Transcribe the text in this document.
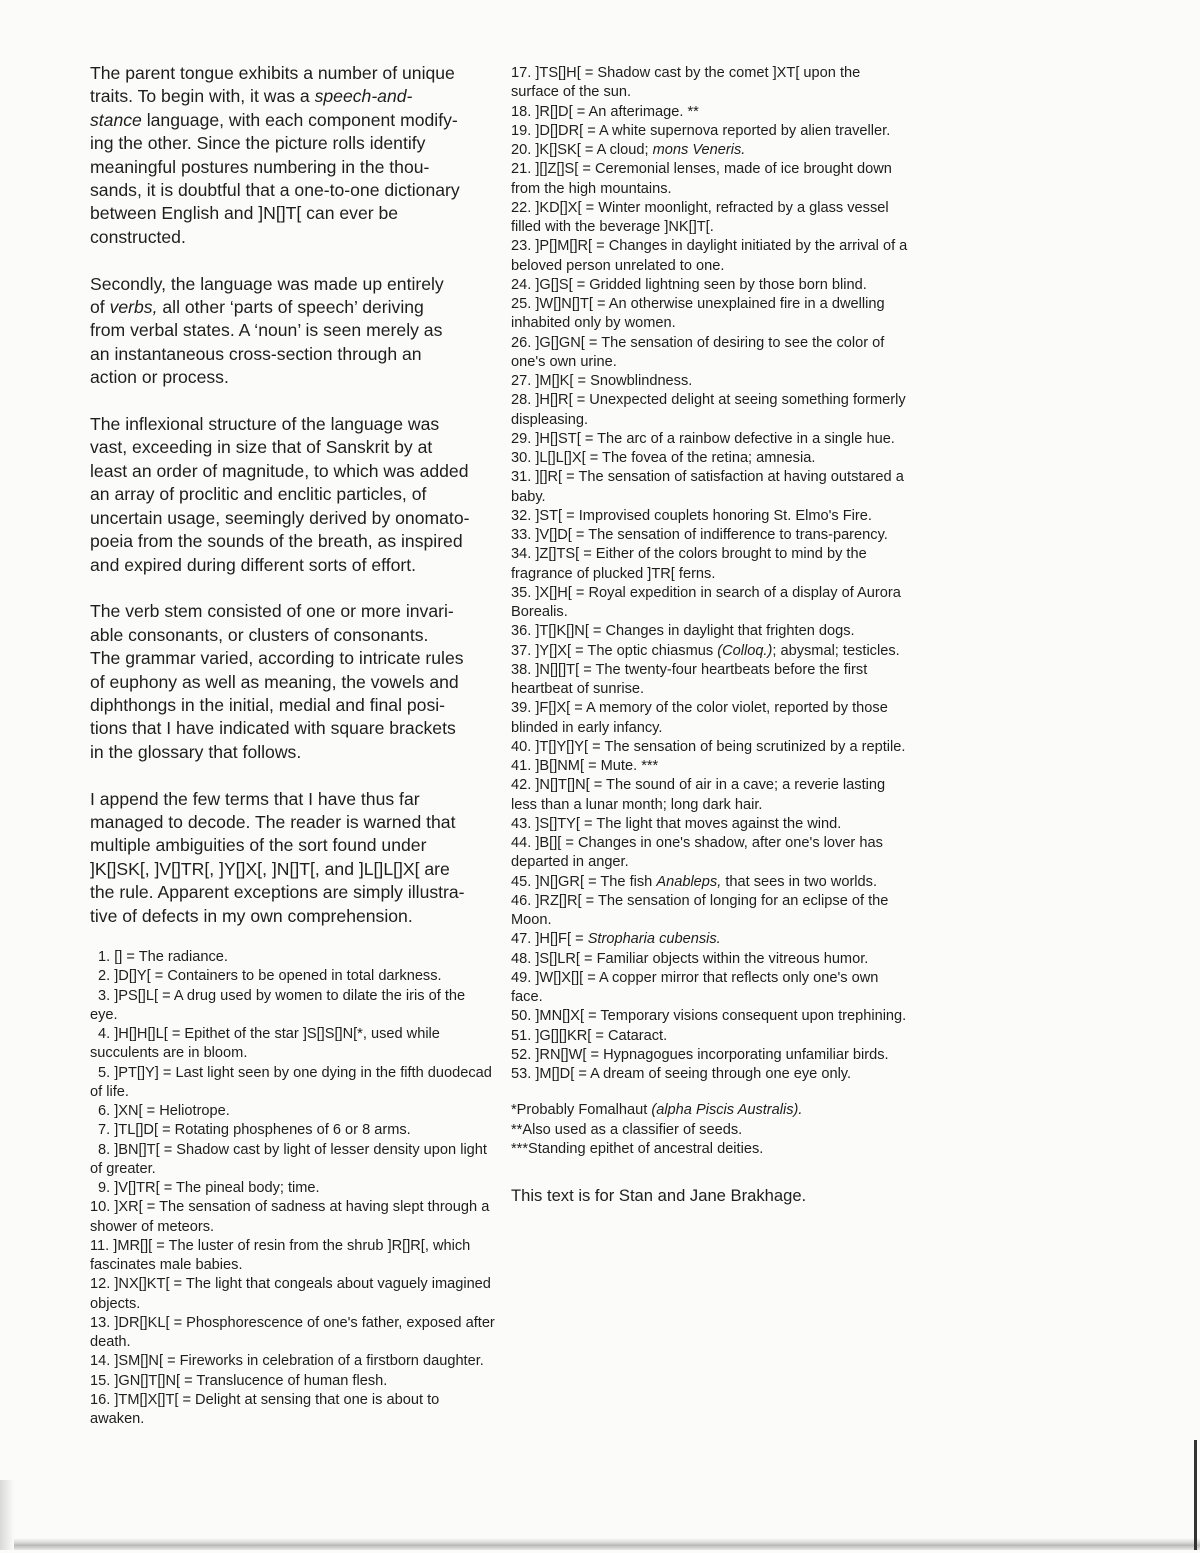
The parent tongue exhibits a number of unique
traits. To begin with, it was a speech-and-
stance language, with each component modify-
ing the other. Since the picture rolls identify
meaningful postures numbering in the thou-
sands, it is doubtful that a one-to-one dictionary
between English and ]N[]T[ can ever be
constructed.
Secondly, the language was made up entirely
of verbs, all other ‘parts of speech’ deriving
from verbal states. A ‘noun’ is seen merely as
an instantaneous cross-section through an
action or process.
The inflexional structure of the language was
vast, exceeding in size that of Sanskrit by at
least an order of magnitude, to which was added
an array of proclitic and enclitic particles, of
uncertain usage, seemingly derived by onomato-
poeia from the sounds of the breath, as inspired
and expired during different sorts of effort.
The verb stem consisted of one or more invari-
able consonants, or clusters of consonants.
The grammar varied, according to intricate rules
of euphony as well as meaning, the vowels and
diphthongs in the initial, medial and final posi-
tions that I have indicated with square brackets
in the glossary that follows.
I append the few terms that I have thus far
managed to decode. The reader is warned that
multiple ambiguities of the sort found under
]K[]SK[, ]V[]TR[, ]Y[]X[, ]N[]T[, and ]L[]L[]X[ are
the rule. Apparent exceptions are simply illustra-
tive of defects in my own comprehension.
1. [] = The radiance.
2. ]D[]Y[ = Containers to be opened in total darkness.
3. ]PS[]L[ = A drug used by women to dilate the iris of the eye.
4. ]H[]H[]L[ = Epithet of the star ]S[]S[]N[*, used while succulents are in bloom.
5. ]PT[]Y] = Last light seen by one dying in the fifth duodecad of life.
6. ]XN[ = Heliotrope.
7. ]TL[]D[ = Rotating phosphenes of 6 or 8 arms.
8. ]BN[]T[ = Shadow cast by light of lesser density upon light of greater.
9. ]V[]TR[ = The pineal body; time.
10. ]XR[ = The sensation of sadness at having slept through a shower of meteors.
11. ]MR[][ = The luster of resin from the shrub ]R[]R[, which fascinates male babies.
12. ]NX[]KT[ = The light that congeals about vaguely imagined objects.
13. ]DR[]KL[ = Phosphorescence of one's father, exposed after death.
14. ]SM[]N[ = Fireworks in celebration of a firstborn daughter.
15. ]GN[]T[]N[ = Translucence of human flesh.
16. ]TM[]X[]T[ = Delight at sensing that one is about to awaken.
17. ]TS[]H[ = Shadow cast by the comet ]XT[ upon the surface of the sun.
18. ]R[]D[ = An afterimage. **
19. ]D[]DR[ = A white supernova reported by alien traveller.
20. ]K[]SK[ = A cloud; mons Veneris.
21. ][]Z[]S[ = Ceremonial lenses, made of ice brought down from the high mountains.
22. ]KD[]X[ = Winter moonlight, refracted by a glass vessel filled with the beverage ]NK[]T[.
23. ]P[]M[]R[ = Changes in daylight initiated by the arrival of a beloved person unrelated to one.
24. ]G[]S[ = Gridded lightning seen by those born blind.
25. ]W[]N[]T[ = An otherwise unexplained fire in a dwelling inhabited only by women.
26. ]G[]GN[ = The sensation of desiring to see the color of one's own urine.
27. ]M[]K[ = Snowblindness.
28. ]H[]R[ = Unexpected delight at seeing something formerly displeasing.
29. ]H[]ST[ = The arc of a rainbow defective in a single hue.
30. ]L[]L[]X[ = The fovea of the retina; amnesia.
31. ][]R[ = The sensation of satisfaction at having outstared a baby.
32. ]ST[ = Improvised couplets honoring St. Elmo's Fire.
33. ]V[]D[ = The sensation of indifference to trans-parency.
34. ]Z[]TS[ = Either of the colors brought to mind by the fragrance of plucked ]TR[ ferns.
35. ]X[]H[ = Royal expedition in search of a display of Aurora Borealis.
36. ]T[]K[]N[ = Changes in daylight that frighten dogs.
37. ]Y[]X[ = The optic chiasmus (Colloq.); abysmal; testicles.
38. ]N[][]T[ = The twenty-four heartbeats before the first heartbeat of sunrise.
39. ]F[]X[ = A memory of the color violet, reported by those blinded in early infancy.
40. ]T[]Y[]Y[ = The sensation of being scrutinized by a reptile.
41. ]B[]NM[ = Mute. ***
42. ]N[]T[]N[ = The sound of air in a cave; a reverie lasting less than a lunar month; long dark hair.
43. ]S[]TY[ = The light that moves against the wind.
44. ]B[][ = Changes in one's shadow, after one's lover has departed in anger.
45. ]N[]GR[ = The fish Anableps, that sees in two worlds.
46. ]RZ[]R[ = The sensation of longing for an eclipse of the Moon.
47. ]H[]F[ = Stropharia cubensis.
48. ]S[]LR[ = Familiar objects within the vitreous humor.
49. ]W[]X[][ = A copper mirror that reflects only one's own face.
50. ]MN[]X[ = Temporary visions consequent upon trephining.
51. ]G[][]KR[ = Cataract.
52. ]RN[]W[ = Hypnagogues incorporating unfamiliar birds.
53. ]M[]D[ = A dream of seeing through one eye only.
*Probably Fomalhaut (alpha Piscis Australis).
**Also used as a classifier of seeds.
***Standing epithet of ancestral deities.
This text is for Stan and Jane Brakhage.
